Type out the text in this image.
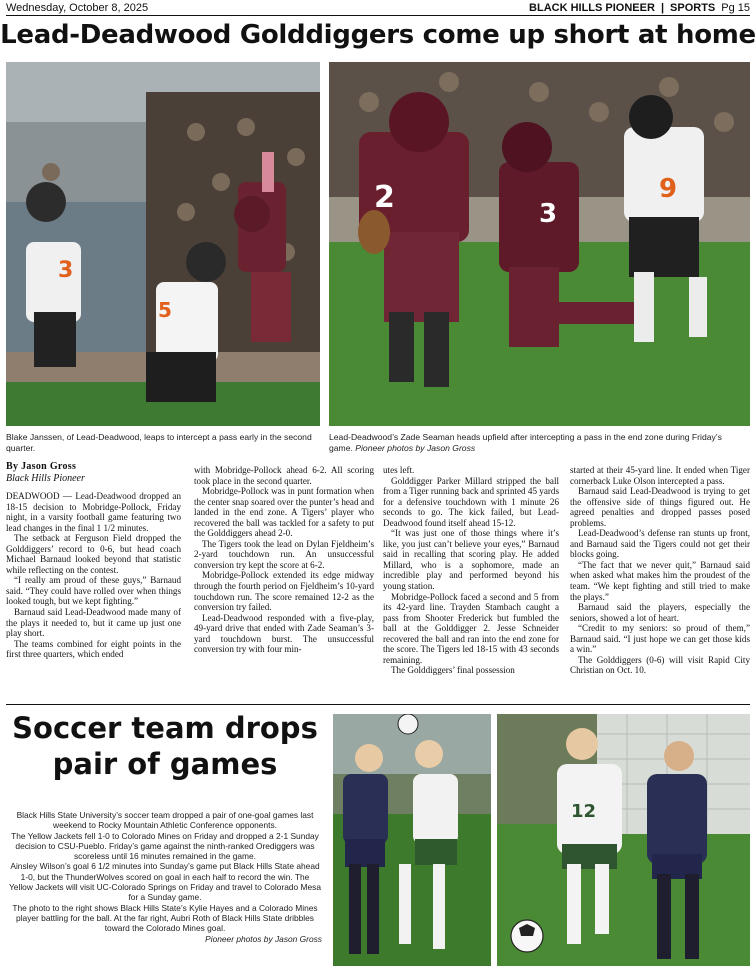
Wednesday, October 8, 2025	BLACK HILLS PIONEER | SPORTS Pg 15
Lead-Deadwood Golddiggers come up short at home
3
5
2	3
9
Blake Janssen, of Lead-Deadwood, leaps to intercept a pass early in the second quarter.
Lead-Deadwood’s Zade Seaman heads upfield after intercepting a pass in the end zone during Friday’s game. Pioneer photos by Jason Gross
By Jason Gross
Black Hills Pioneer

DEADWOOD — Lead-Deadwood dropped an 18-15 decision to Mobridge-Pollock, Friday night, in a varsity football game featuring two lead changes in the final 1 1/2 minutes.

The setback at Ferguson Field dropped the Golddiggers’ record to 0-6, but head coach Michael Barnaud looked beyond that statistic while reflecting on the contest.

“I really am proud of these guys,” Barnaud said. “They could have rolled over when things looked tough, but we kept fighting.”

Barnaud said Lead-Deadwood made many of the plays it needed to, but it came up just one play short.

The teams combined for eight points in the first three quarters, which ended

with Mobridge-Pollock ahead 6-2. All scoring took place in the second quarter.

Mobridge-Pollock was in punt formation when the center snap soared over the punter’s head and landed in the end zone. A Tigers’ player who recovered the ball was tackled for a safety to put the Golddiggers ahead 2-0.

The Tigers took the lead on Dylan Fjeldheim’s 2-yard touchdown run. An unsuccessful conversion try kept the score at 6-2.

Mobridge-Pollock extended its edge midway through the fourth period on Fjeldheim’s 10-yard touchdown run. The score remained 12-2 as the conversion try failed.

Lead-Deadwood responded with a five-play, 49-yard drive that ended with Zade Seaman’s 3-yard touchdown burst. The unsuccessful conversion try with four min-

utes left.

Golddigger Parker Millard stripped the ball from a Tiger running back and sprinted 45 yards for a defensive touchdown with 1 minute 26 seconds to go. The kick failed, but Lead-Deadwood found itself ahead 15-12.

“It was just one of those things where it’s like, you just can’t believe your eyes,” Barnaud said in recalling that scoring play. He added Millard, who is a sophomore, made an incredible play and performed beyond his young station.

Mobridge-Pollock faced a second and 5 from its 42-yard line. Trayden Stambach caught a pass from Shooter Frederick but fumbled the ball at the Golddigger 2. Jesse Schneider recovered the ball and ran into the end zone for the score. The Tigers led 18-15 with 43 seconds remaining.

The Golddiggers’ final possession

started at their 45-yard line. It ended when Tiger cornerback Luke Olson intercepted a pass.

Barnaud said Lead-Deadwood is trying to get the offensive side of things figured out. He agreed penalties and dropped passes posed problems.

Lead-Deadwood’s defense ran stunts up front, and Barnaud said the Tigers could not get their blocks going.

“The fact that we never quit,” Barnaud said when asked what makes him the proudest of the team. “We kept fighting and still tried to make the plays.”

Barnaud said the players, especially the seniors, showed a lot of heart.

“Credit to my seniors: so proud of them,” Barnaud said. “I just hope we can get those kids a win.”

The Golddiggers (0-6) will visit Rapid City Christian on Oct. 10.

Soccer team drops
pair of games

Black Hills State University’s soccer team dropped a pair of one-goal games last weekend to Rocky Mountain Athletic Conference opponents.

The Yellow Jackets fell 1-0 to Colorado Mines on Friday and dropped a 2-1 Sunday decision to CSU-Pueblo. Friday’s game against the ninth-ranked Orediggers was scoreless until 16 minutes remained in the game.

Ainsley Wilson’s goal 6 1/2 minutes into Sunday’s game put Black Hills State ahead 1-0, but the ThunderWolves scored on goal in each half to record the win. The Yellow Jackets will visit UC-Colorado Springs on Friday and travel to Colorado Mesa for a Sunday game.

The photo to the right shows Black Hills State’s Kylie Hayes and a Colorado Mines player battling for the ball. At the far right, Aubri Roth of Black Hills State dribbles toward the Colorado Mines goal.

Pioneer photos by Jason Gross

12
